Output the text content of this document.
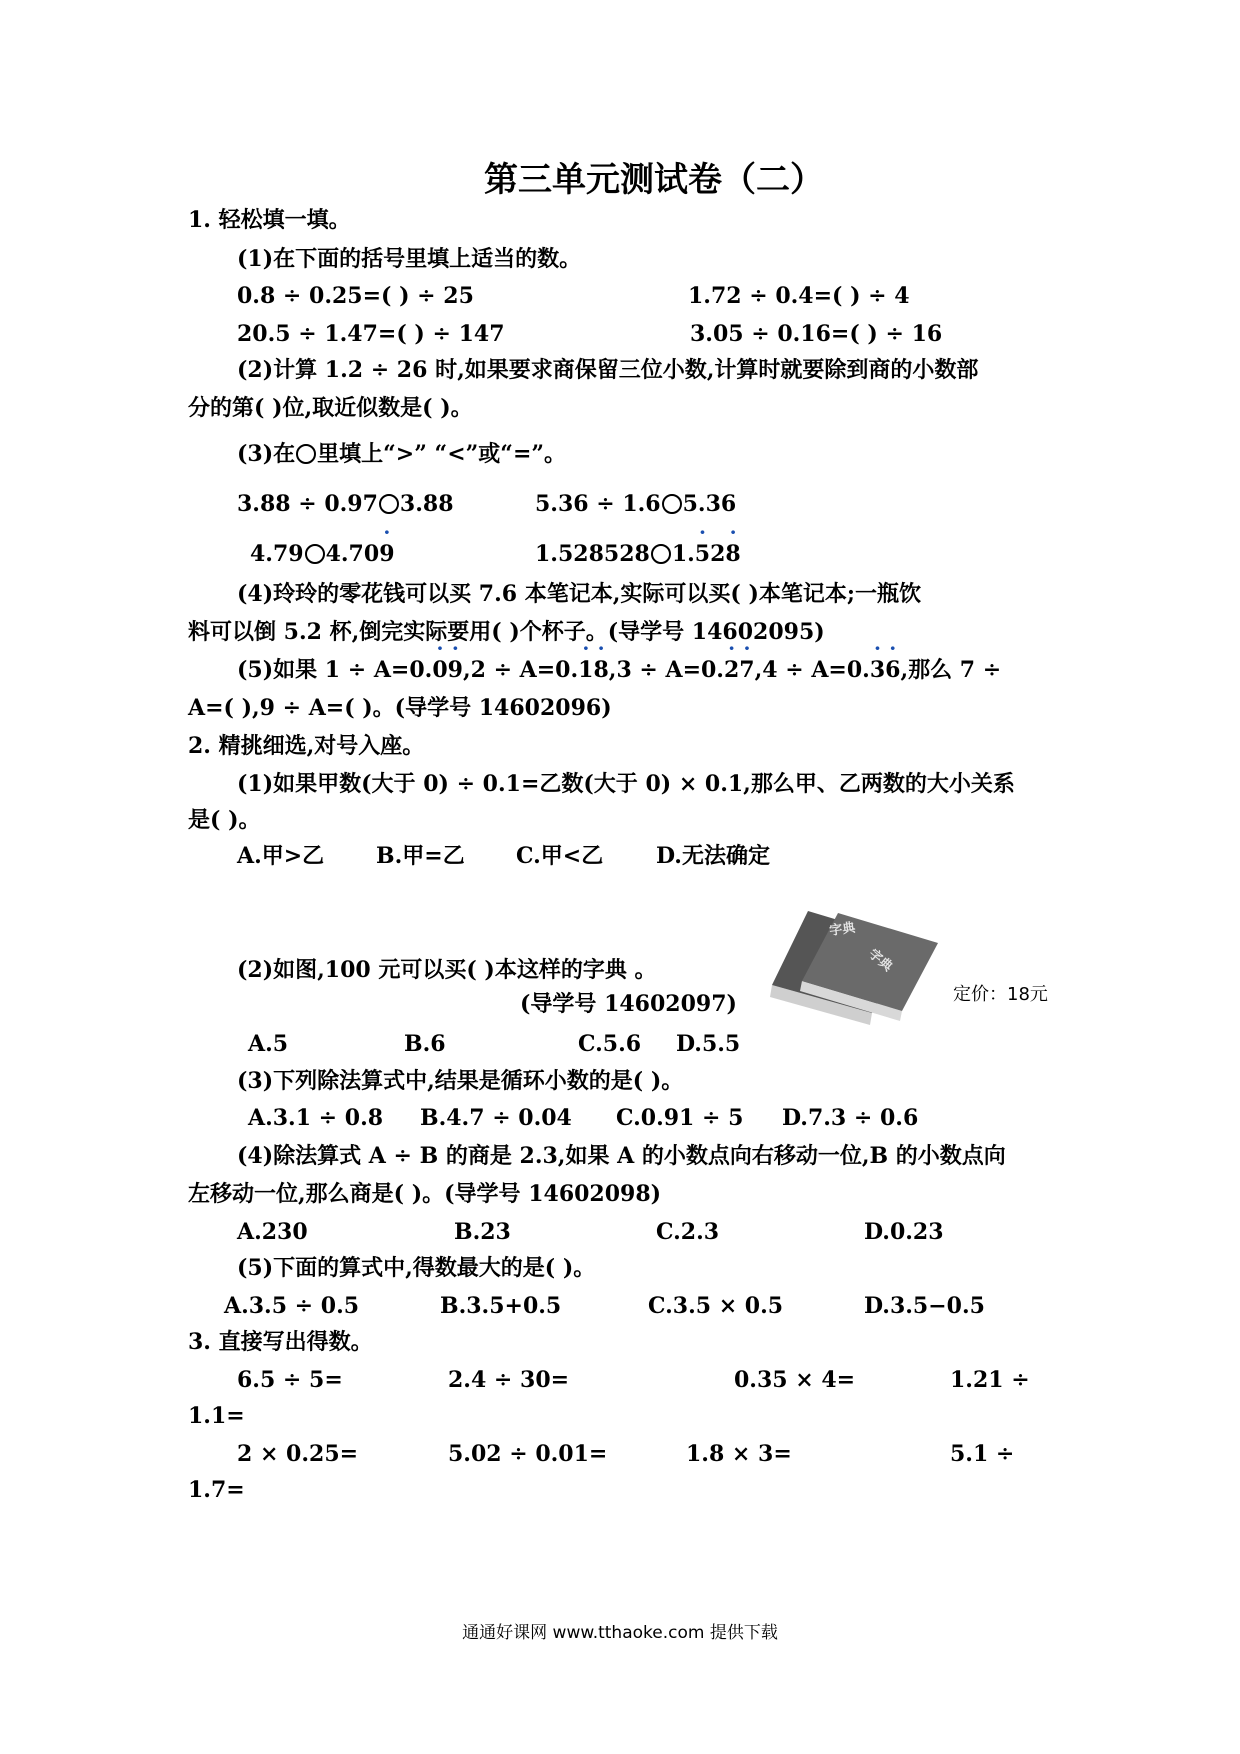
第三单元测试卷（二）
1. 轻松填一填。
(1)在下面的括号里填上适当的数。
0.8 ÷ 0.25=( ) ÷ 25	1.72 ÷ 0.4=( ) ÷ 4
20.5 ÷ 1.47=( ) ÷ 147	3.05 ÷ 0.16=( ) ÷ 16
(2)计算 1.2 ÷ 26 时,如果要求商保留三位小数,计算时就要除到商的小数部
分的第( )位,取近似数是( )。
(3)在 里填上“>” “<”或“=”。
3.88 ÷ 0.97 3.88	5.36 ÷ 1.6 5.36
4.79 4.70· 9	1.528528 1.· 52· 8
(4)玲玲的零花钱可以买 7.6 本笔记本,实际可以买( )本笔记本;一瓶饮
料可以倒 5.2 杯,倒完实际要用( )个杯子。(导学号 14602095)
(5)如果 1 ÷ A=0.· 0· 9,2 ÷ A=0.· 1· 8,3 ÷ A=0.· 2· 7,4 ÷ A=0.· 3· 6,那么 7 ÷
A=( ),9 ÷ A=( )。(导学号 14602096)
2. 精挑细选,对号入座。
(1)如果甲数(大于 0) ÷ 0.1=乙数(大于 0) × 0.1,那么甲、乙两数的大小关系
是( )。
A.甲>乙 B.甲=乙 C.甲<乙 D.无法确定
(2)如图,100 元可以买( )本这样的字典 。
(导学号 14602097)
字典
字典
定价：18元
A.5	B.6	C.5.6 D.5.5
(3)下列除法算式中,结果是循环小数的是( )。
A.3.1 ÷ 0.8 B.4.7 ÷ 0.04 C.0.91 ÷ 5 D.7.3 ÷ 0.6
(4)除法算式 A ÷ B 的商是 2.3,如果 A 的小数点向右移动一位,B 的小数点向
左移动一位,那么商是( )。(导学号 14602098)
A.230	B.23	C.2.3	D.0.23
(5)下面的算式中,得数最大的是( )。
A.3.5 ÷ 0.5	B.3.5+0.5	C.3.5 × 0.5	D.3.5−0.5
3. 直接写出得数。
6.5 ÷ 5=	2.4 ÷ 30=	0.35 × 4=	1.21 ÷
1.1=
2 × 0.25=	5.02 ÷ 0.01=	1.8 × 3=	5.1 ÷
1.7=
通通好课网 www.tthaoke.com 提供下载
